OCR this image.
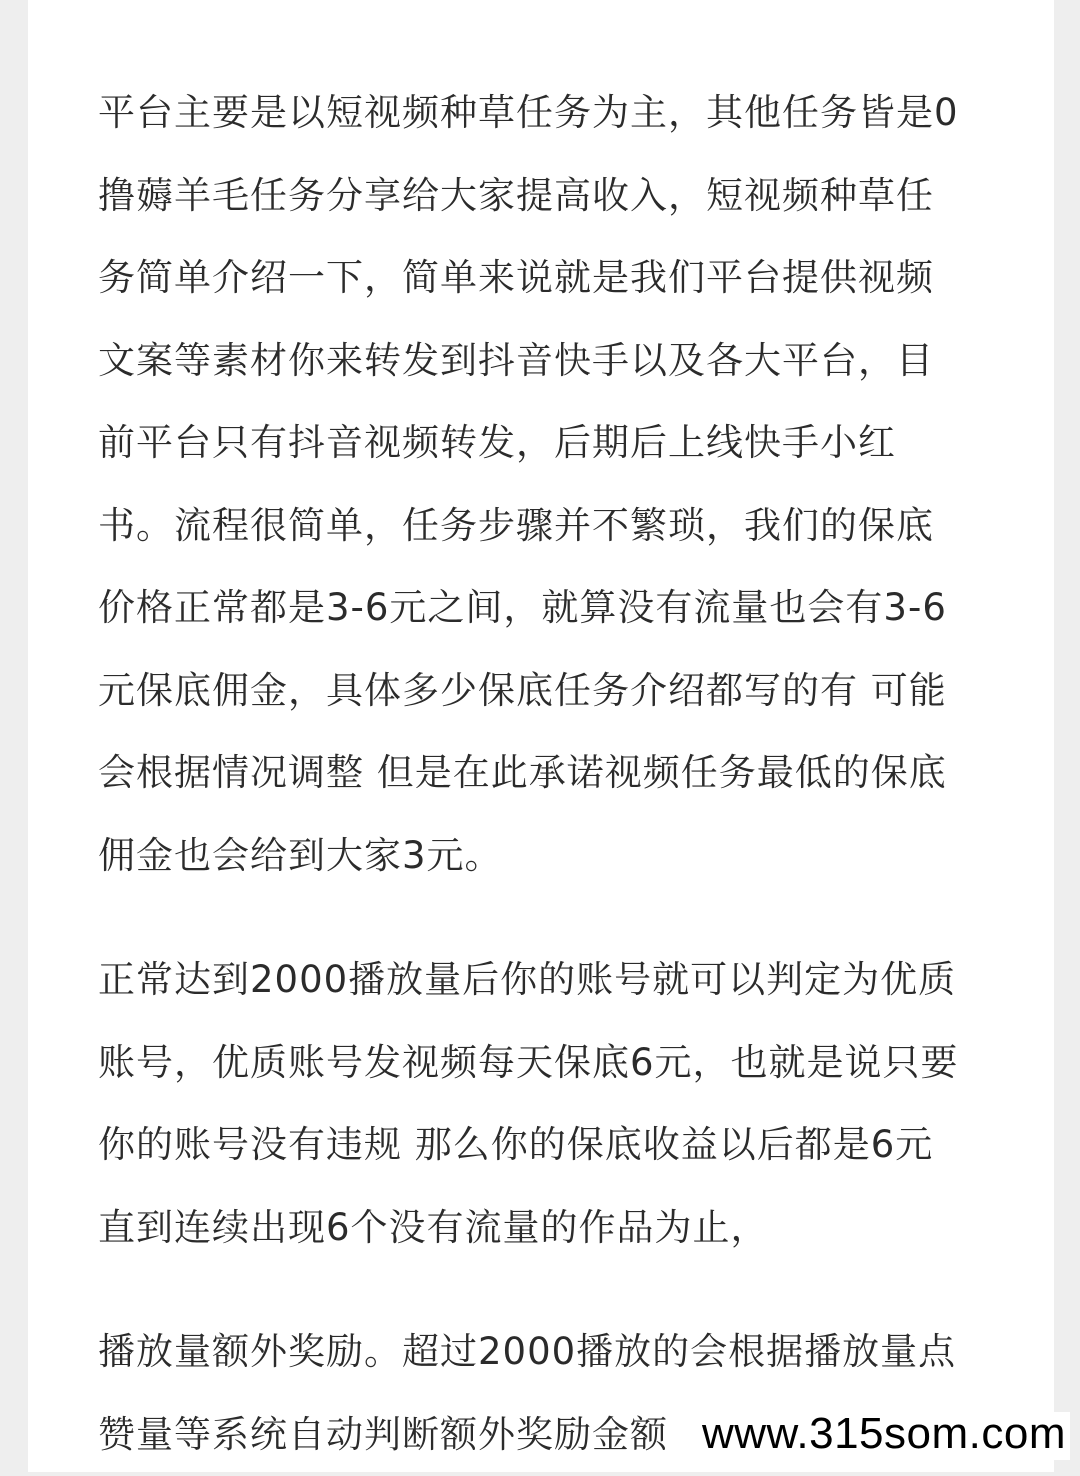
平台主要是以短视频种草任务为主，其他任务皆是0
撸薅羊毛任务分享给大家提高收入，短视频种草任
务简单介绍一下，简单来说就是我们平台提供视频
文案等素材你来转发到抖音快手以及各大平台，目
前平台只有抖音视频转发，后期后上线快手小红
书。流程很简单，任务步骤并不繁琐，我们的保底
价格正常都是3-6元之间，就算没有流量也会有3-6
元保底佣金，具体多少保底任务介绍都写的有 可能
会根据情况调整 但是在此承诺视频任务最低的保底
佣金也会给到大家3元。

正常达到2000播放量后你的账号就可以判定为优质
账号，优质账号发视频每天保底6元，也就是说只要
你的账号没有违规 那么你的保底收益以后都是6元
直到连续出现6个没有流量的作品为止，

播放量额外奖励。超过2000播放的会根据播放量点
赞量等系统自动判断额外奖励金额 www.315som.com
